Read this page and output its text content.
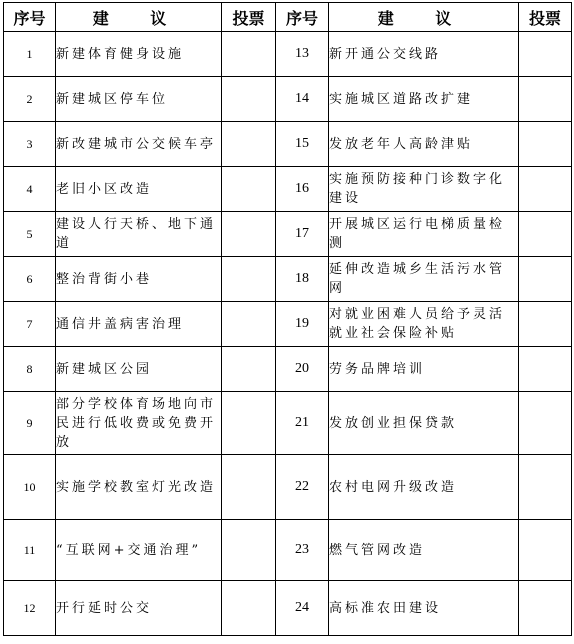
序号	建 议	投票	序号	建 议	投票
1	新建体育健身设施		13	新开通公交线路	
2	新建城区停车位		14	实施城区道路改扩建	
3	新改建城市公交候车亭		15	发放老年人高龄津贴	
4	老旧小区改造		16	实施预防接种门诊数字化建设	
5	建设人行天桥、地下通道		17	开展城区运行电梯质量检测	
6	整治背街小巷		18	延伸改造城乡生活污水管网	
7	通信井盖病害治理		19	对就业困难人员给予灵活就业社会保险补贴	
8	新建城区公园		20	劳务品牌培训	
9	部分学校体育场地向市民进行低收费或免费开放		21	发放创业担保贷款	
10	实施学校教室灯光改造		22	农村电网升级改造	
11	“互联网+交通治理”		23	燃气管网改造	
12	开行延时公交		24	高标准农田建设	
